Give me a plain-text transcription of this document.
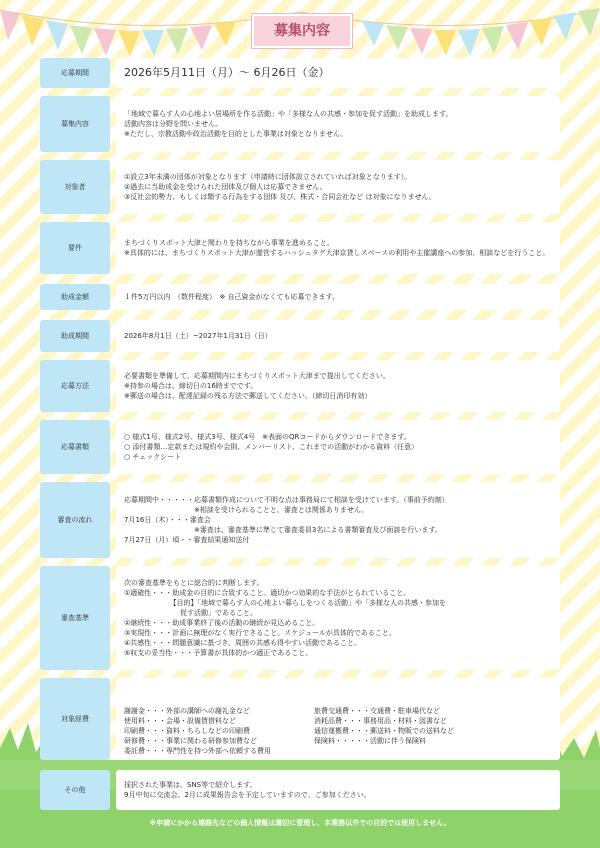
募集内容
応募期間	2026年5月11日（月）～ 6月26日（金）
募集内容
「地域で暮らす人の心地よい居場所を作る活動」や「多様な人の共感・参加を促す活動」を助成します。
活動内容は分野を問いません。
※ただし、宗教活動や政治活動を目的とした事業は対象となりません。
対象者
①設立3年未満の団体が対象となります（申請時に団体設立されていれば対象となります）。
②過去に当助成金を受けられた団体及び個人は応募できません。
③反社会的勢力、もしくは類する行為をする団体 及び、株式・合同会社など は対象になりません。
要件
まちづくりスポット大津と関わりを持ちながら事業を進めること。
※具体的には、まちづくりスポット大津が運営するハッシュタグ大津京貸しスペースの利用や主催講座への参加、相談などを行うこと。
助成金額	１件5万円以内　（数件程度）　※ 自己資金がなくても応募できます。
助成期間	2026年8月1日（土）~2027年1月31日（日）
応募方法
必要書類を準備して、応募期間内にまちづくりスポット大津まで提出してください。
※持参の場合は、締切日の16時までです。
※郵送の場合は、配達記録の残る方法で郵送してください。（締切日消印有効）
応募書類
○ 様式1号、様式2号、様式3号、様式4号　※表面のQRコードからダウンロードできます。
○ 添付書類…定款または規約や会則、メンバーリスト、これまでの活動がわかる資料（任意）
○ チェックシート
審査の流れ
応募期間中・・・・・応募書類作成について不明な点は事務局にて相談を受けています。（事前予約制）
　　　　　　　　　　※相談を受けられることと、審査とは関係ありません。
7月16日（木）・・・審査会
　　　　　　　　　　※審査は、審査基準に準じて審査委員3名による書類審査及び面談を行います。
7月27日（月）頃・・審査結果通知送付
審査基準
次の審査基準をもとに総合的に判断します。
①適確性・・・助成金の目的に合致すること。適切かつ効果的な手法がとられていること。
　　　　　　　【目的】「地域で暮らす人の心地よい暮らしをつくる活動」や「多様な人の共感・参加を
　　　　　　　　促す活動」であること。
②継続性・・・助成事業終了後の活動の継続が見込めること。
③実現性・・・計画に無理がなく実行できること。スケジュールが具体的であること。
④共感性・・・問題意識に基づき、周囲の共感も得やすい活動であること。
⑤収支の妥当性・・・予算書が具体的かつ適正であること。
対象経費

謝謝金・・・外部の講師への謝礼金など
使用料・・・会場・設備賃借料など
印刷費・・・資料・ちらしなどの印刷費
研修費・・・事業に関わる研修参加費など
委託費・・・専門性を持つ外部へ依頼する費用
旅費交通費・・・交通費・駐車場代など
消耗品費・・・事務用品・材料・図書など
通信運搬費・・・郵送料・物販での送料など
保険料・・・・・活動に伴う保険料

その他
採択された事業は、SNS等で紹介します。
9月中旬に交流会、2月に成果報告会を予定していますので、ご参加ください。
※申請にかかる連絡先などの個人情報は適切に管理し、本業務以外での目的では使用しません。
